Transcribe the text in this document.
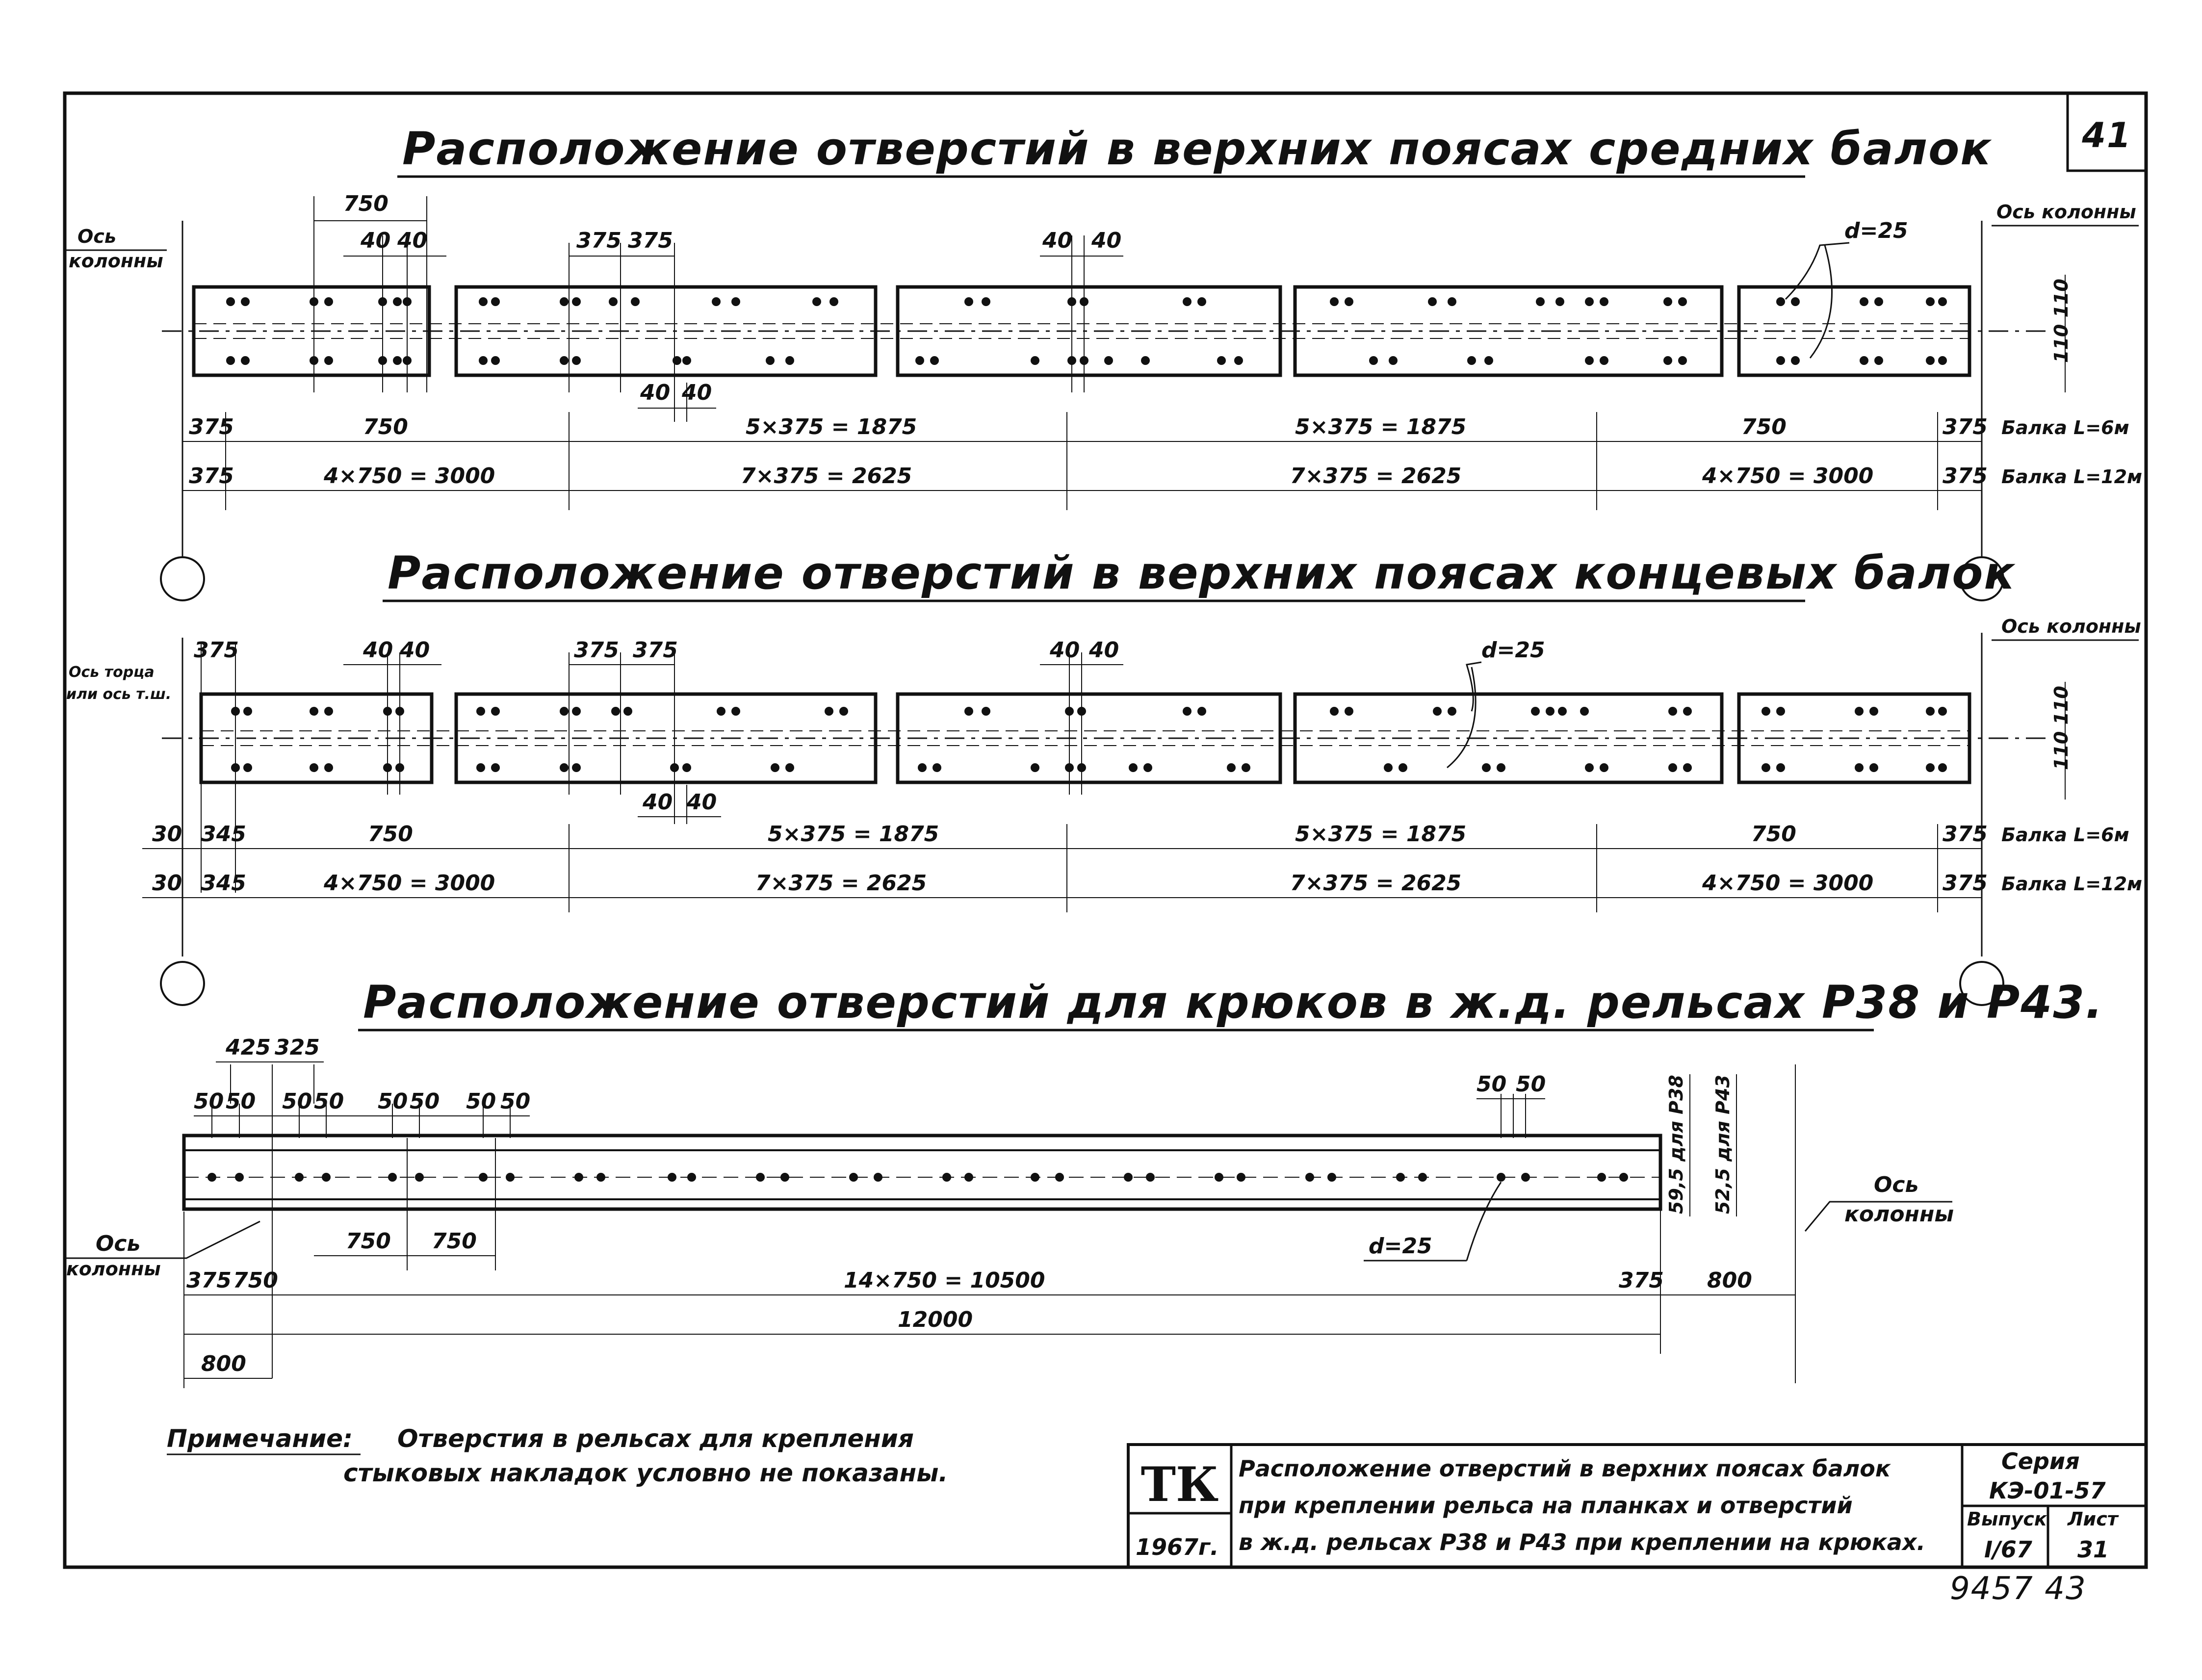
41
Расположение отверстий в верхних поясах средних балок
Ось
колонны
Ось колонны
750
40 40	375 375	40 40
40 40
d=25
110 110
375	750	5×375 = 1875	5×375 = 1875	750	375 Балка L=6м
375	4×750 = 3000	7×375 = 2625	7×375 = 2625	4×750 = 3000	375 Балка L=12м
Расположение отверстий в верхних поясах концевых балок
Ось торца
или ось т.ш.
Ось колонны
375	40 40	375 375	40 40
40 40
d=25
110 110
30 345	750	5×375 = 1875	5×375 = 1875	750	375 Балка L=6м
30 345	4×750 = 3000	7×375 = 2625	7×375 = 2625	4×750 = 3000	375 Балка L=12м
Расположение отверстий для крюков в ж.д. рельсах Р38 и Р43.
425 325
50 50 50 50 50 50 50 50
50 50	59,5 для Р38 52,5 для Р43	Ось
колонны
Ось
колонны
d=25
750 750
375 750	14×750 = 10500	375 800
12000
800
Примечание: Отверстия в рельсах для крепления
стыковых накладок условно не показаны.	ТК
1967г.
Расположение отверстий в верхних поясах балок
при креплении рельса на планках и отверстий
в ж.д. рельсах Р38 и Р43 при креплении на крюках.
Серия
КЭ-01-57
Выпуск
I/67
Лист
31
9457 43
